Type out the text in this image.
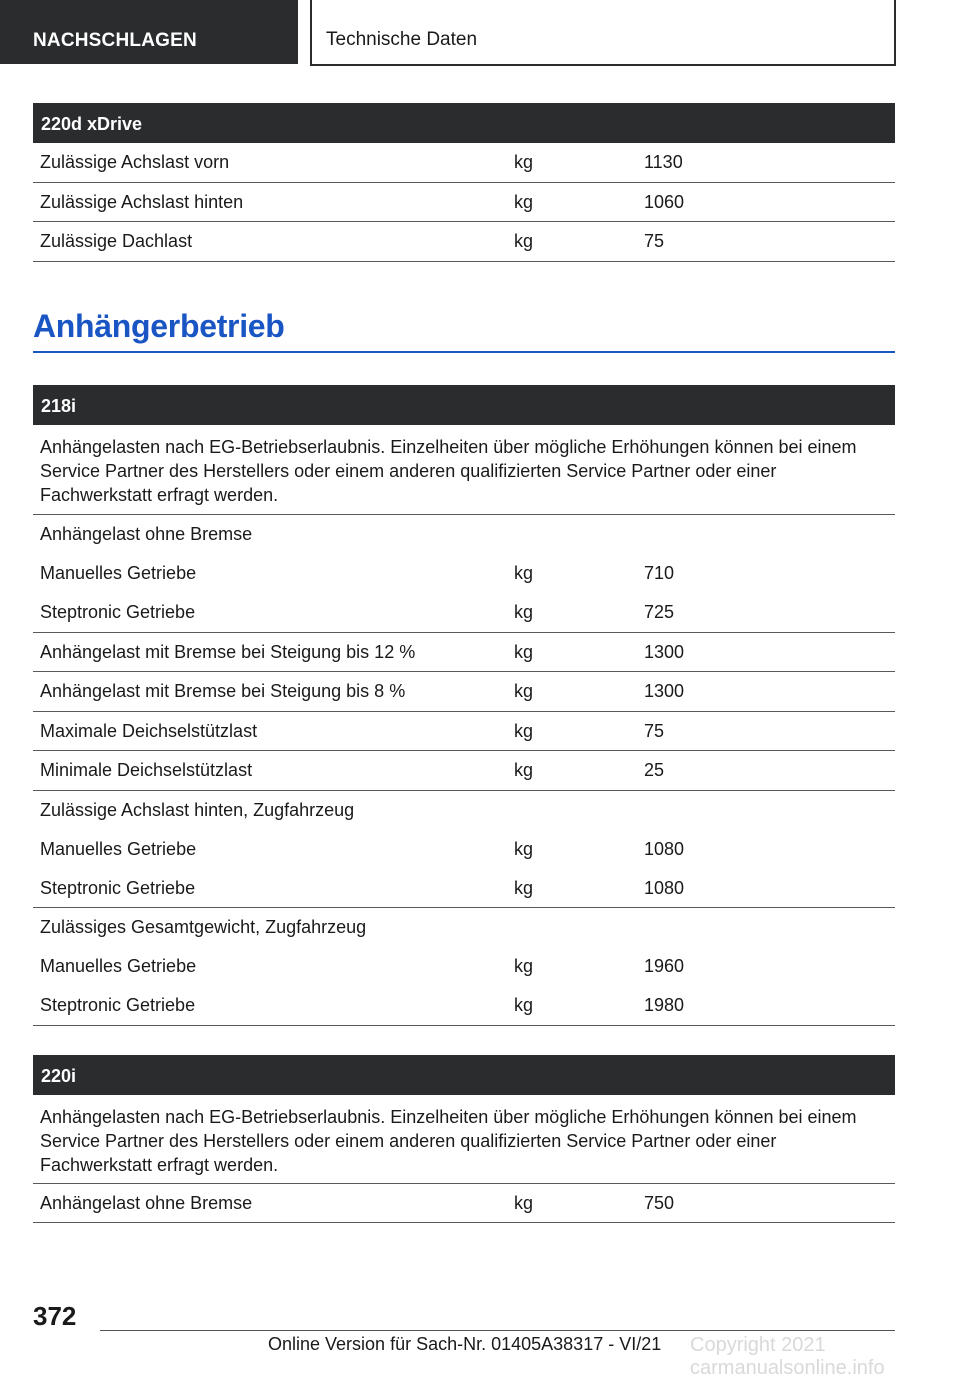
NACHSCHLAGEN	Technische Daten
220d xDrive
Zulässige Achslast vorn	kg	1130
Zulässige Achslast hinten	kg	1060
Zulässige Dachlast	kg	75
Anhängerbetrieb
218i
Anhängelasten nach EG-Betriebserlaubnis. Einzelheiten über mögliche Erhöhungen können bei einem Service Partner des Herstellers oder einem anderen qualifizierten Service Partner oder einer Fachwerkstatt erfragt werden.
Anhängelast ohne Bremse
Manuelles Getriebe	kg	710
Steptronic Getriebe	kg	725
Anhängelast mit Bremse bei Steigung bis 12 %	kg	1300
Anhängelast mit Bremse bei Steigung bis 8 %	kg	1300
Maximale Deichselstützlast	kg	75
Minimale Deichselstützlast	kg	25
Zulässige Achslast hinten, Zugfahrzeug
Manuelles Getriebe	kg	1080
Steptronic Getriebe	kg	1080
Zulässiges Gesamtgewicht, Zugfahrzeug
Manuelles Getriebe	kg	1960
Steptronic Getriebe	kg	1980
220i
Anhängelasten nach EG-Betriebserlaubnis. Einzelheiten über mögliche Erhöhungen können bei einem Service Partner des Herstellers oder einem anderen qualifizierten Service Partner oder einer Fachwerkstatt erfragt werden.
Anhängelast ohne Bremse	kg	750
372
Online Version für Sach-Nr. 01405A38317 - VI/21 Copyright 2021 carmanualsonline.info
